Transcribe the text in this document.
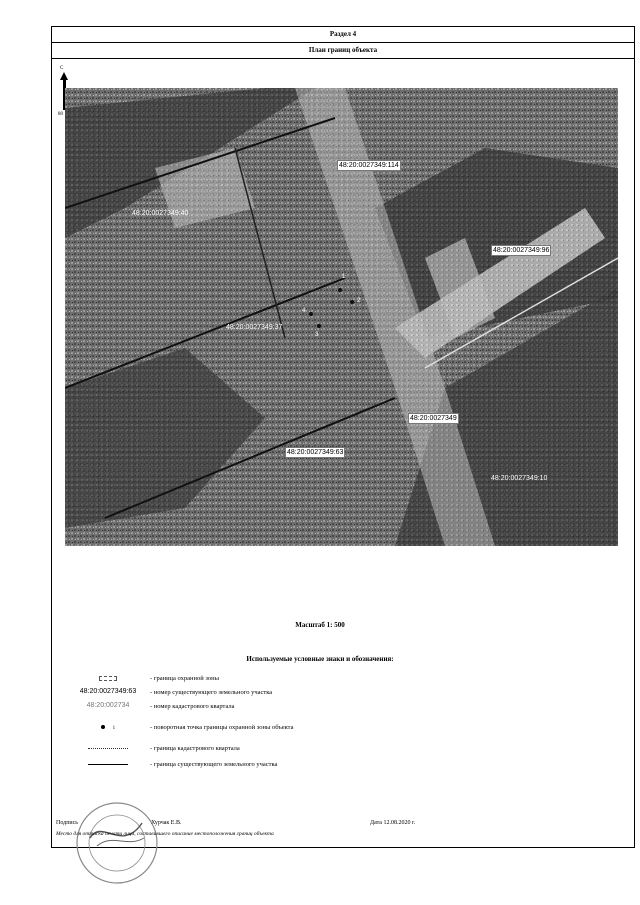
Раздел 4
План границ объекта
С
80
48:20:0027349:114
48:20:0027349:40
48:20:0027349:96
48:20:0027349:37
48:20:0027349
48:20:0027349:63
48:20:0027349:10
1
2
3
4
Масштаб 1: 500
Используемые условные знаки и обозначения:
- граница охранной зоны
48:20:0027349:63	- номер существующего земельного участка
48:20:002734	- номер кадастрового квартала
1	- поворотная точка границы охранной зоны объекта
- граница кадастрового квартала
- граница существующего земельного участка
Подпись	Хурчак Е.В.	Дата 12.08.2020 г.
Место для оттиска печати лица, составившего описание местоположения границ объекта
